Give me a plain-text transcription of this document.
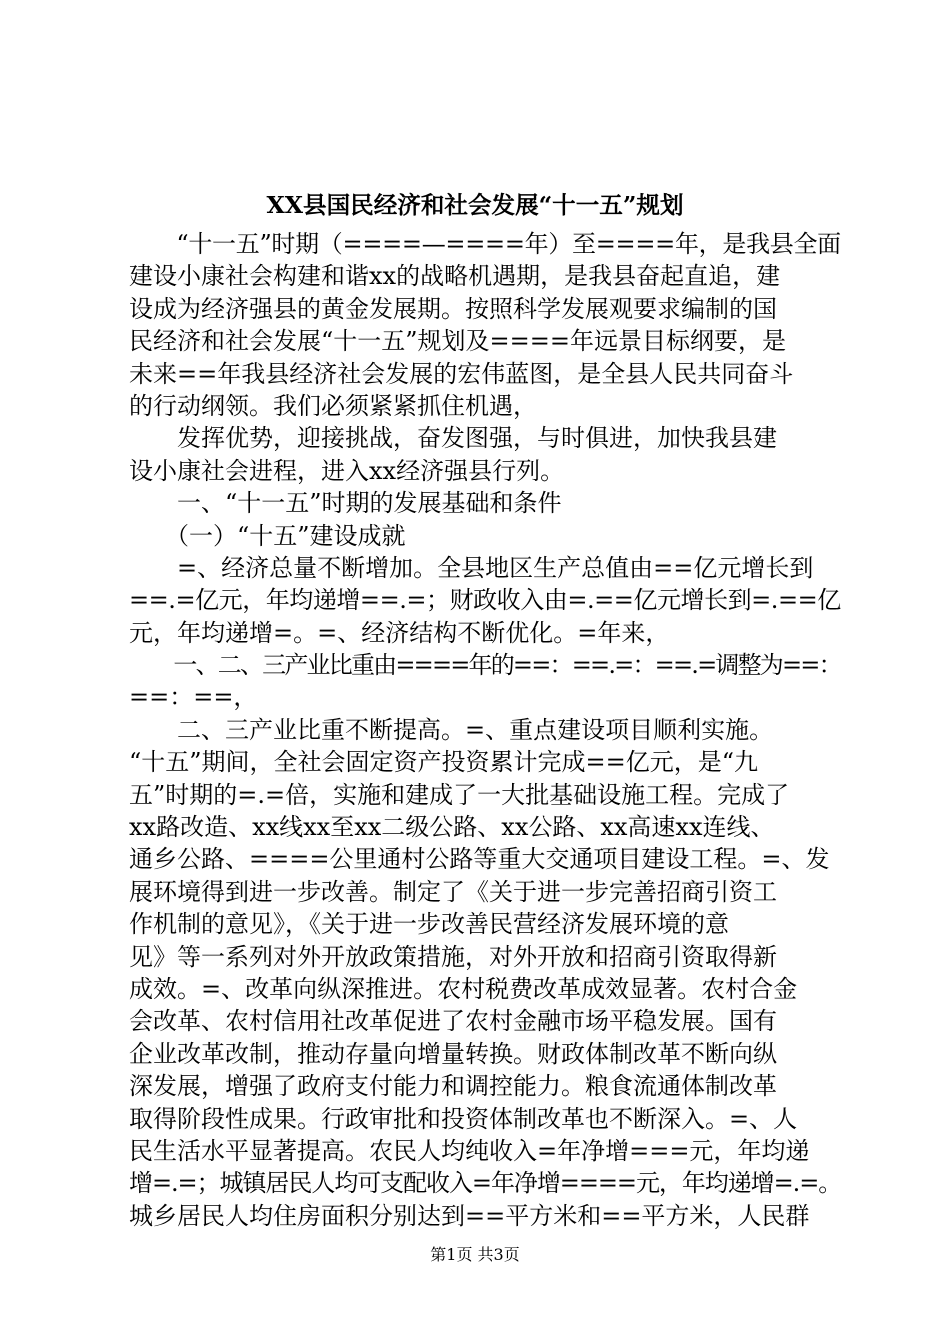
XX县国民经济和社会发展“十一五”规划
　　“十一五”时期（====—====年）至====年，是我县全面
建设小康社会构建和谐xx的战略机遇期，是我县奋起直追，建
设成为经济强县的黄金发展期。按照科学发展观要求编制的国
民经济和社会发展“十一五”规划及====年远景目标纲要，是
未来==年我县经济社会发展的宏伟蓝图，是全县人民共同奋斗
的行动纲领。我们必须紧紧抓住机遇，
　　发挥优势，迎接挑战，奋发图强，与时俱进，加快我县建
设小康社会进程，进入xx经济强县行列。
　　一、“十一五”时期的发展基础和条件
　　（一）“十五”建设成就
　　=、经济总量不断增加。全县地区生产总值由==亿元增长到
==.=亿元，年均递增==.=；财政收入由=.==亿元增长到=.==亿
元，年均递增=。=、经济结构不断优化。=年来，
　　一、二、三产业比重由====年的==：==.=：==.=调整为==：
==：==，
　　二、三产业比重不断提高。=、重点建设项目顺利实施。
“十五”期间，全社会固定资产投资累计完成==亿元，是“九
五”时期的=.=倍，实施和建成了一大批基础设施工程。完成了
xx路改造、xx线xx至xx二级公路、xx公路、xx高速xx连线、
通乡公路、====公里通村公路等重大交通项目建设工程。=、发
展环境得到进一步改善。制定了《关于进一步完善招商引资工
作机制的意见》，《关于进一步改善民营经济发展环境的意
见》等一系列对外开放政策措施，对外开放和招商引资取得新
成效。=、改革向纵深推进。农村税费改革成效显著。农村合金
会改革、农村信用社改革促进了农村金融市场平稳发展。国有
企业改革改制，推动存量向增量转换。财政体制改革不断向纵
深发展，增强了政府支付能力和调控能力。粮食流通体制改革
取得阶段性成果。行政审批和投资体制改革也不断深入。=、人
民生活水平显著提高。农民人均纯收入=年净增===元，年均递
增=.=；城镇居民人均可支配收入=年净增====元，年均递增=.=。
城乡居民人均住房面积分别达到==平方米和==平方米，人民群
第1页 共3页
